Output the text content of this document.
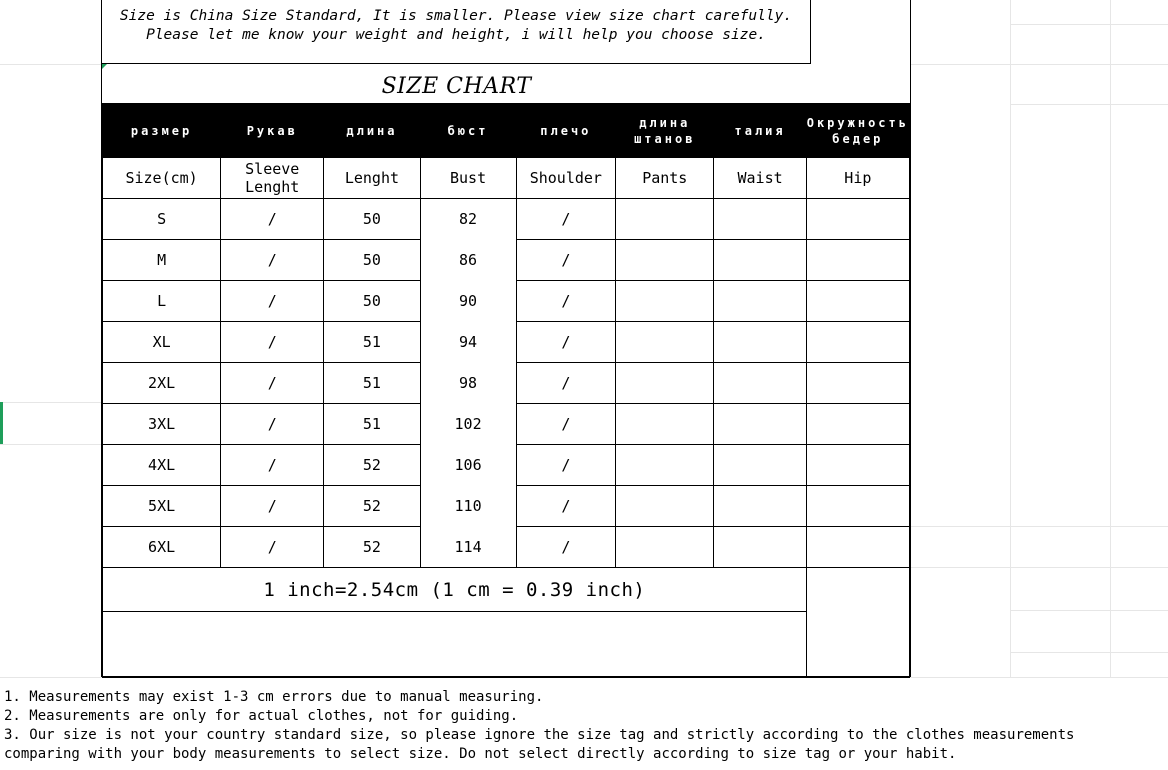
Size is China Size Standard, It is smaller. Please view size chart carefully.
Please let me know your weight and height, i will help you choose size.
SIZE CHART
размер	Рукав	длина	бюст	плечо	длина штанов	талия	Окружность бедер
Size(cm)	Sleeve Lenght	Lenght	Bust	Shoulder	Pants	Waist	Hip
S	/	50	82	/			
M	/	50	86	/			
L	/	50	90	/			
XL	/	51	94	/			
2XL	/	51	98	/			
3XL	/	51	102	/			
4XL	/	52	106	/			
5XL	/	52	110	/			
6XL	/	52	114	/			
1 inch=2.54cm (1 cm = 0.39 inch)							

1. Measurements may exist 1-3 cm errors due to manual measuring.
2. Measurements are only for actual clothes, not for guiding.
3. Our size is not your country standard size, so please ignore the size tag and strictly according to the clothes measurements
comparing with your body measurements to select size. Do not select directly according to size tag or your habit.
